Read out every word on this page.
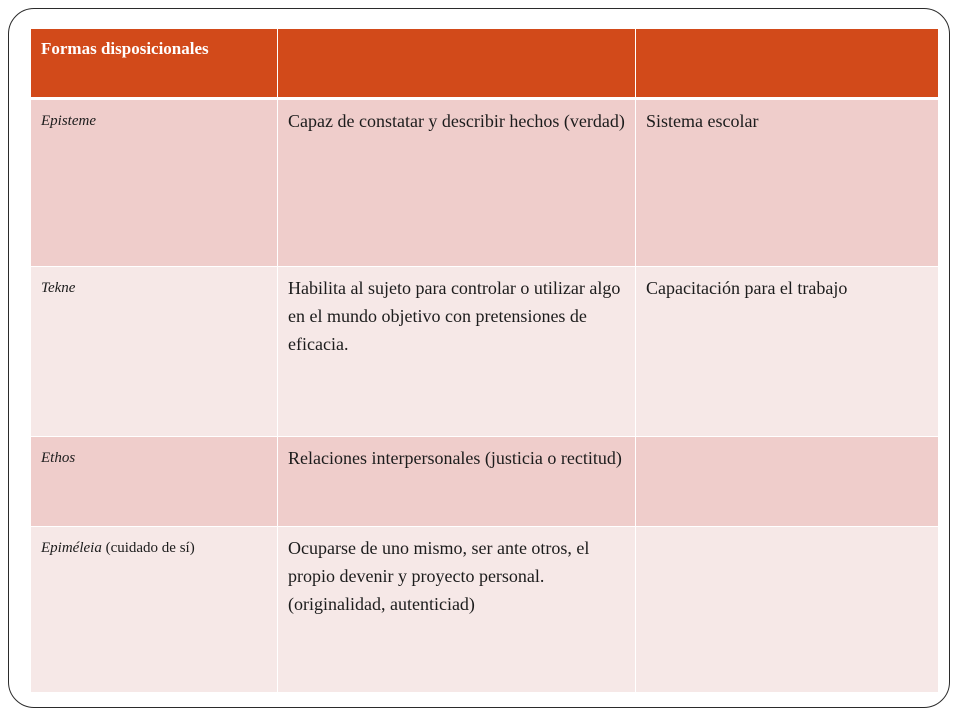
Formas disposicionales		
Episteme	Capaz de constatar y describir hechos (verdad)	Sistema escolar
Tekne	Habilita al sujeto para controlar o utilizar algo en el mundo objetivo con pretensiones de eficacia.	Capacitación para el trabajo
Ethos	Relaciones interpersonales (justicia o rectitud)	
Epiméleia (cuidado de sí)	Ocuparse de uno mismo, ser ante otros, el propio devenir y proyecto personal. (originalidad, autenticiad)	
